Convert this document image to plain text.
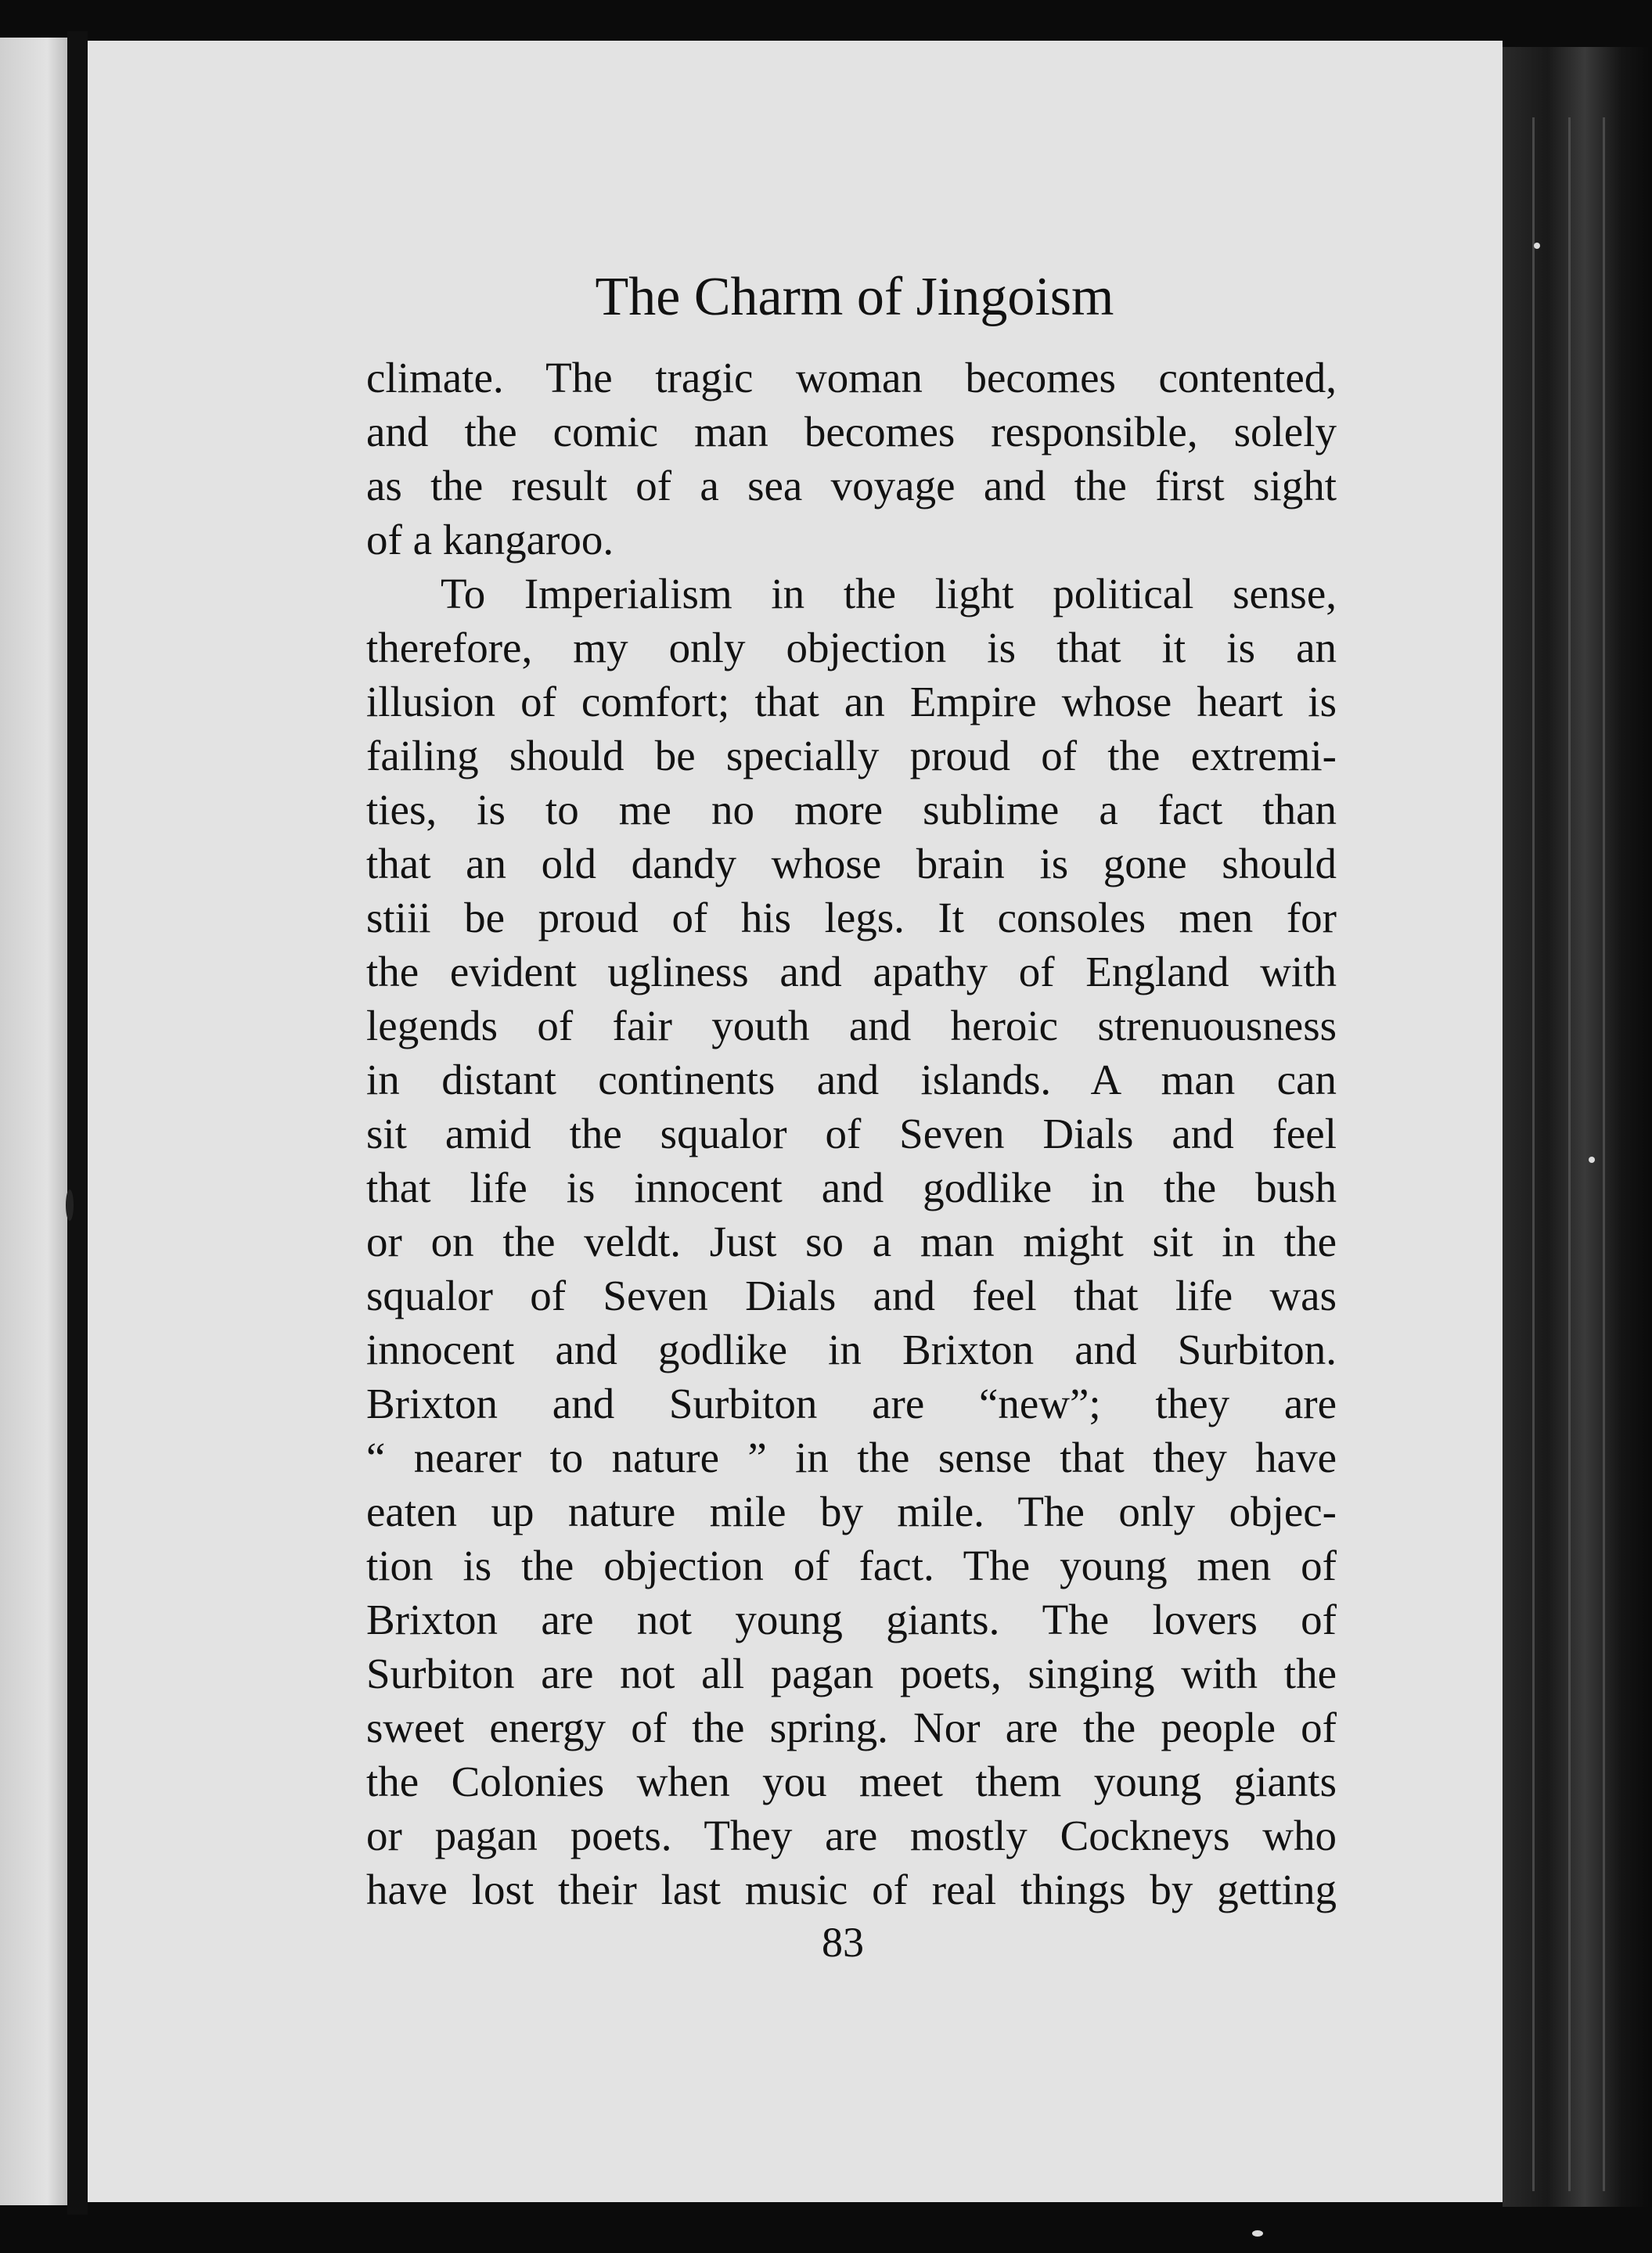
The Charm of Jingoism
climate. The tragic woman becomes contented,
and the comic man becomes responsible, solely
as the result of a sea voyage and the first sight
of a kangaroo.
To Imperialism in the light political sense,
therefore, my only objection is that it is an
illusion of comfort; that an Empire whose heart is
failing should be specially proud of the extremi-
ties, is to me no more sublime a fact than
that an old dandy whose brain is gone should
stiii be proud of his legs. It consoles men for
the evident ugliness and apathy of England with
legends of fair youth and heroic strenuousness
in distant continents and islands. A man can
sit amid the squalor of Seven Dials and feel
that life is innocent and godlike in the bush
or on the veldt. Just so a man might sit in the
squalor of Seven Dials and feel that life was
innocent and godlike in Brixton and Surbiton.
Brixton and Surbiton are “new”; they are
“ nearer to nature ” in the sense that they have
eaten up nature mile by mile. The only objec-
tion is the objection of fact. The young men of
Brixton are not young giants. The lovers of
Surbiton are not all pagan poets, singing with the
sweet energy of the spring. Nor are the people of
the Colonies when you meet them young giants
or pagan poets. They are mostly Cockneys who
have lost their last music of real things by getting
83
